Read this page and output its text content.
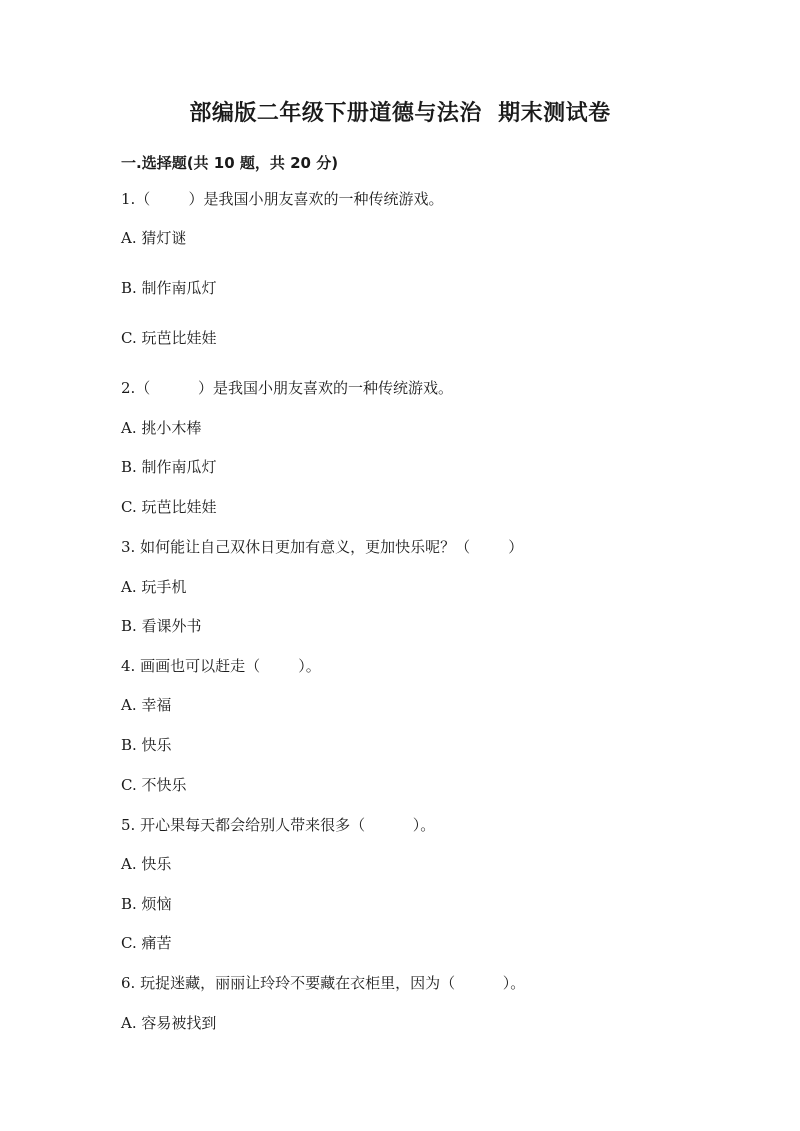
部编版二年级下册道德与法治  期末测试卷
一.选择题(共 10 题，共 20 分)
1.（        ）是我国小朋友喜欢的一种传统游戏。
A. 猜灯谜
B. 制作南瓜灯
C. 玩芭比娃娃
2.（          ）是我国小朋友喜欢的一种传统游戏。
A. 挑小木棒
B. 制作南瓜灯
C. 玩芭比娃娃
3. 如何能让自己双休日更加有意义，更加快乐呢？（        ）
A. 玩手机
B. 看课外书
4. 画画也可以赶走（        ）。
A. 幸福
B. 快乐
C. 不快乐
5. 开心果每天都会给别人带来很多（          ）。
A. 快乐
B. 烦恼
C. 痛苦
6. 玩捉迷藏，丽丽让玲玲不要藏在衣柜里，因为（          ）。
A. 容易被找到
